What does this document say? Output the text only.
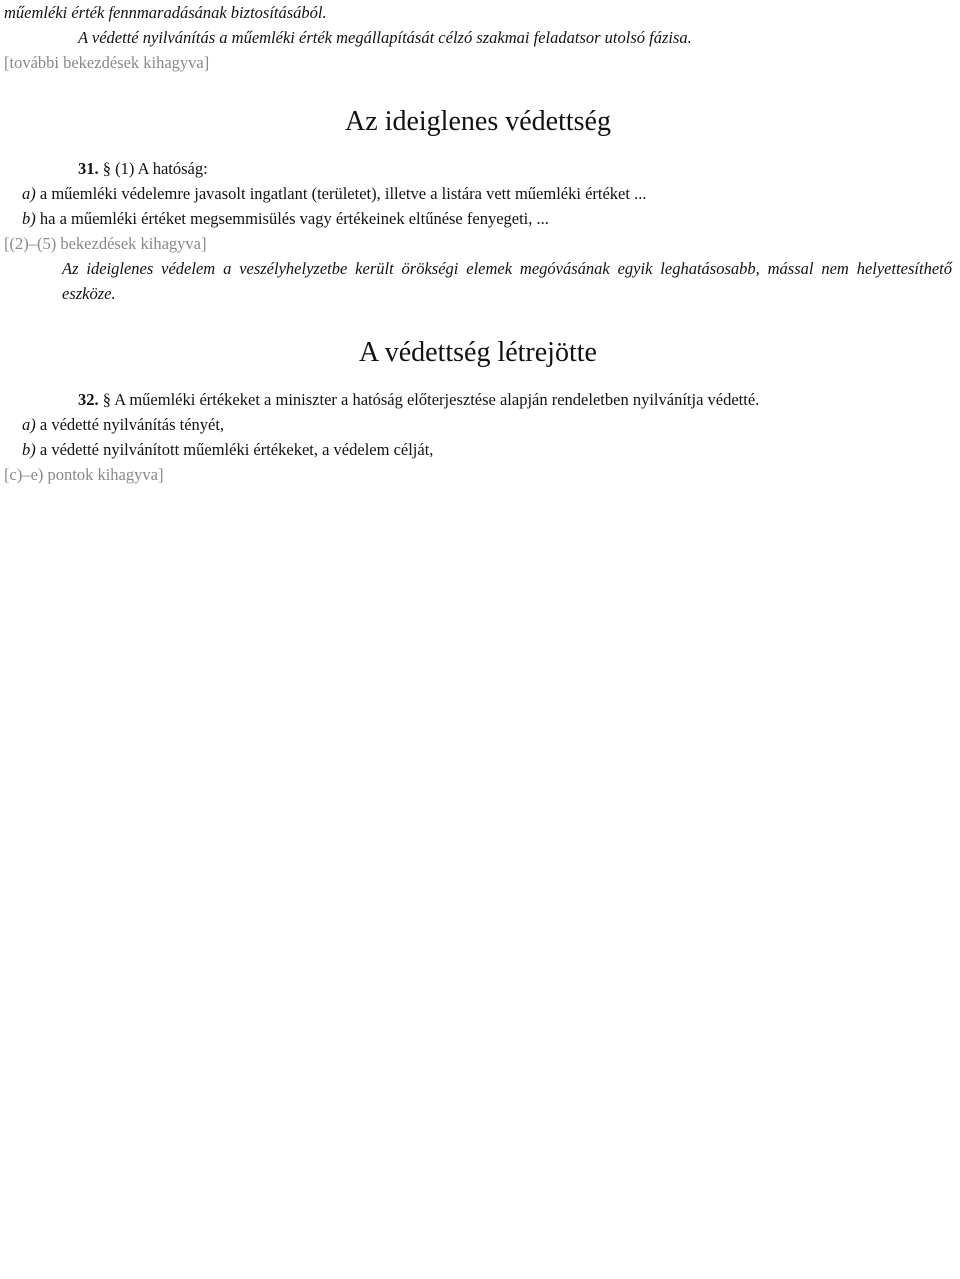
műemléki érték fennmaradásának biztosításából.

A védetté nyilvánítás a műemléki érték megállapítását célzó szakmai feladatsor utolsó fázisa.

[további bekezdések kihagyva]

Az ideiglenes védettség

31. § (1) A hatóság:

a) a műemléki védelemre javasolt ingatlant (területet), illetve a listára vett műemléki értéket ...

b) ha a műemléki értéket megsemmisülés vagy értékeinek eltűnése fenyegeti, ...

[(2)–(5) bekezdések kihagyva]

Az ideiglenes védelem a veszélyhelyzetbe került örökségi elemek megóvásának egyik leghatásosabb, mással nem helyettesíthető eszköze.

A védettség létrejötte

32. § A műemléki értékeket a miniszter a hatóság előterjesztése alapján rendeletben nyilvánítja védetté.

a) a védetté nyilvánítás tényét,

b) a védetté nyilvánított műemléki értékeket, a védelem célját,

[c)–e) pontok kihagyva]
